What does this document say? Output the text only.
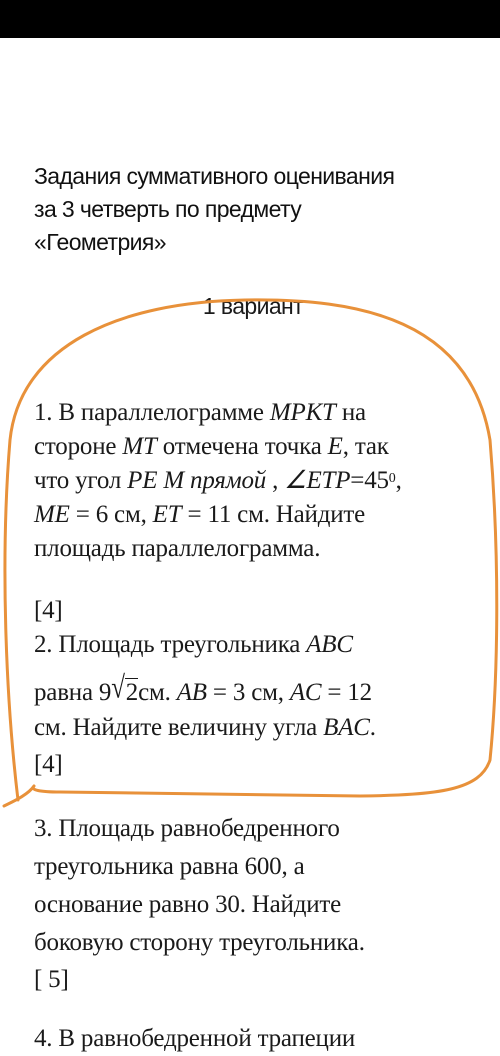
Задания суммативного оценивания
за 3 четверть по предмету
«Геометрия»
1 вариант
1. В параллелограмме MPKT на
стороне MT отмечена точка E, так
что угол PE M прямой , $\angle ETP=45^0$,
ME = 6 см, ET = 11 см. Найдите
площадь параллелограмма.
[4]
2. Площадь треугольника ABC
равна 9√2см. AB = 3 см, AC = 12
см. Найдите величину угла BAC.
[4]
3. Площадь равнобедренного
треугольника равна 600, а
основание равно 30. Найдите
боковую сторону треугольника.
[ 5]
4. В равнобедренной трапеции
